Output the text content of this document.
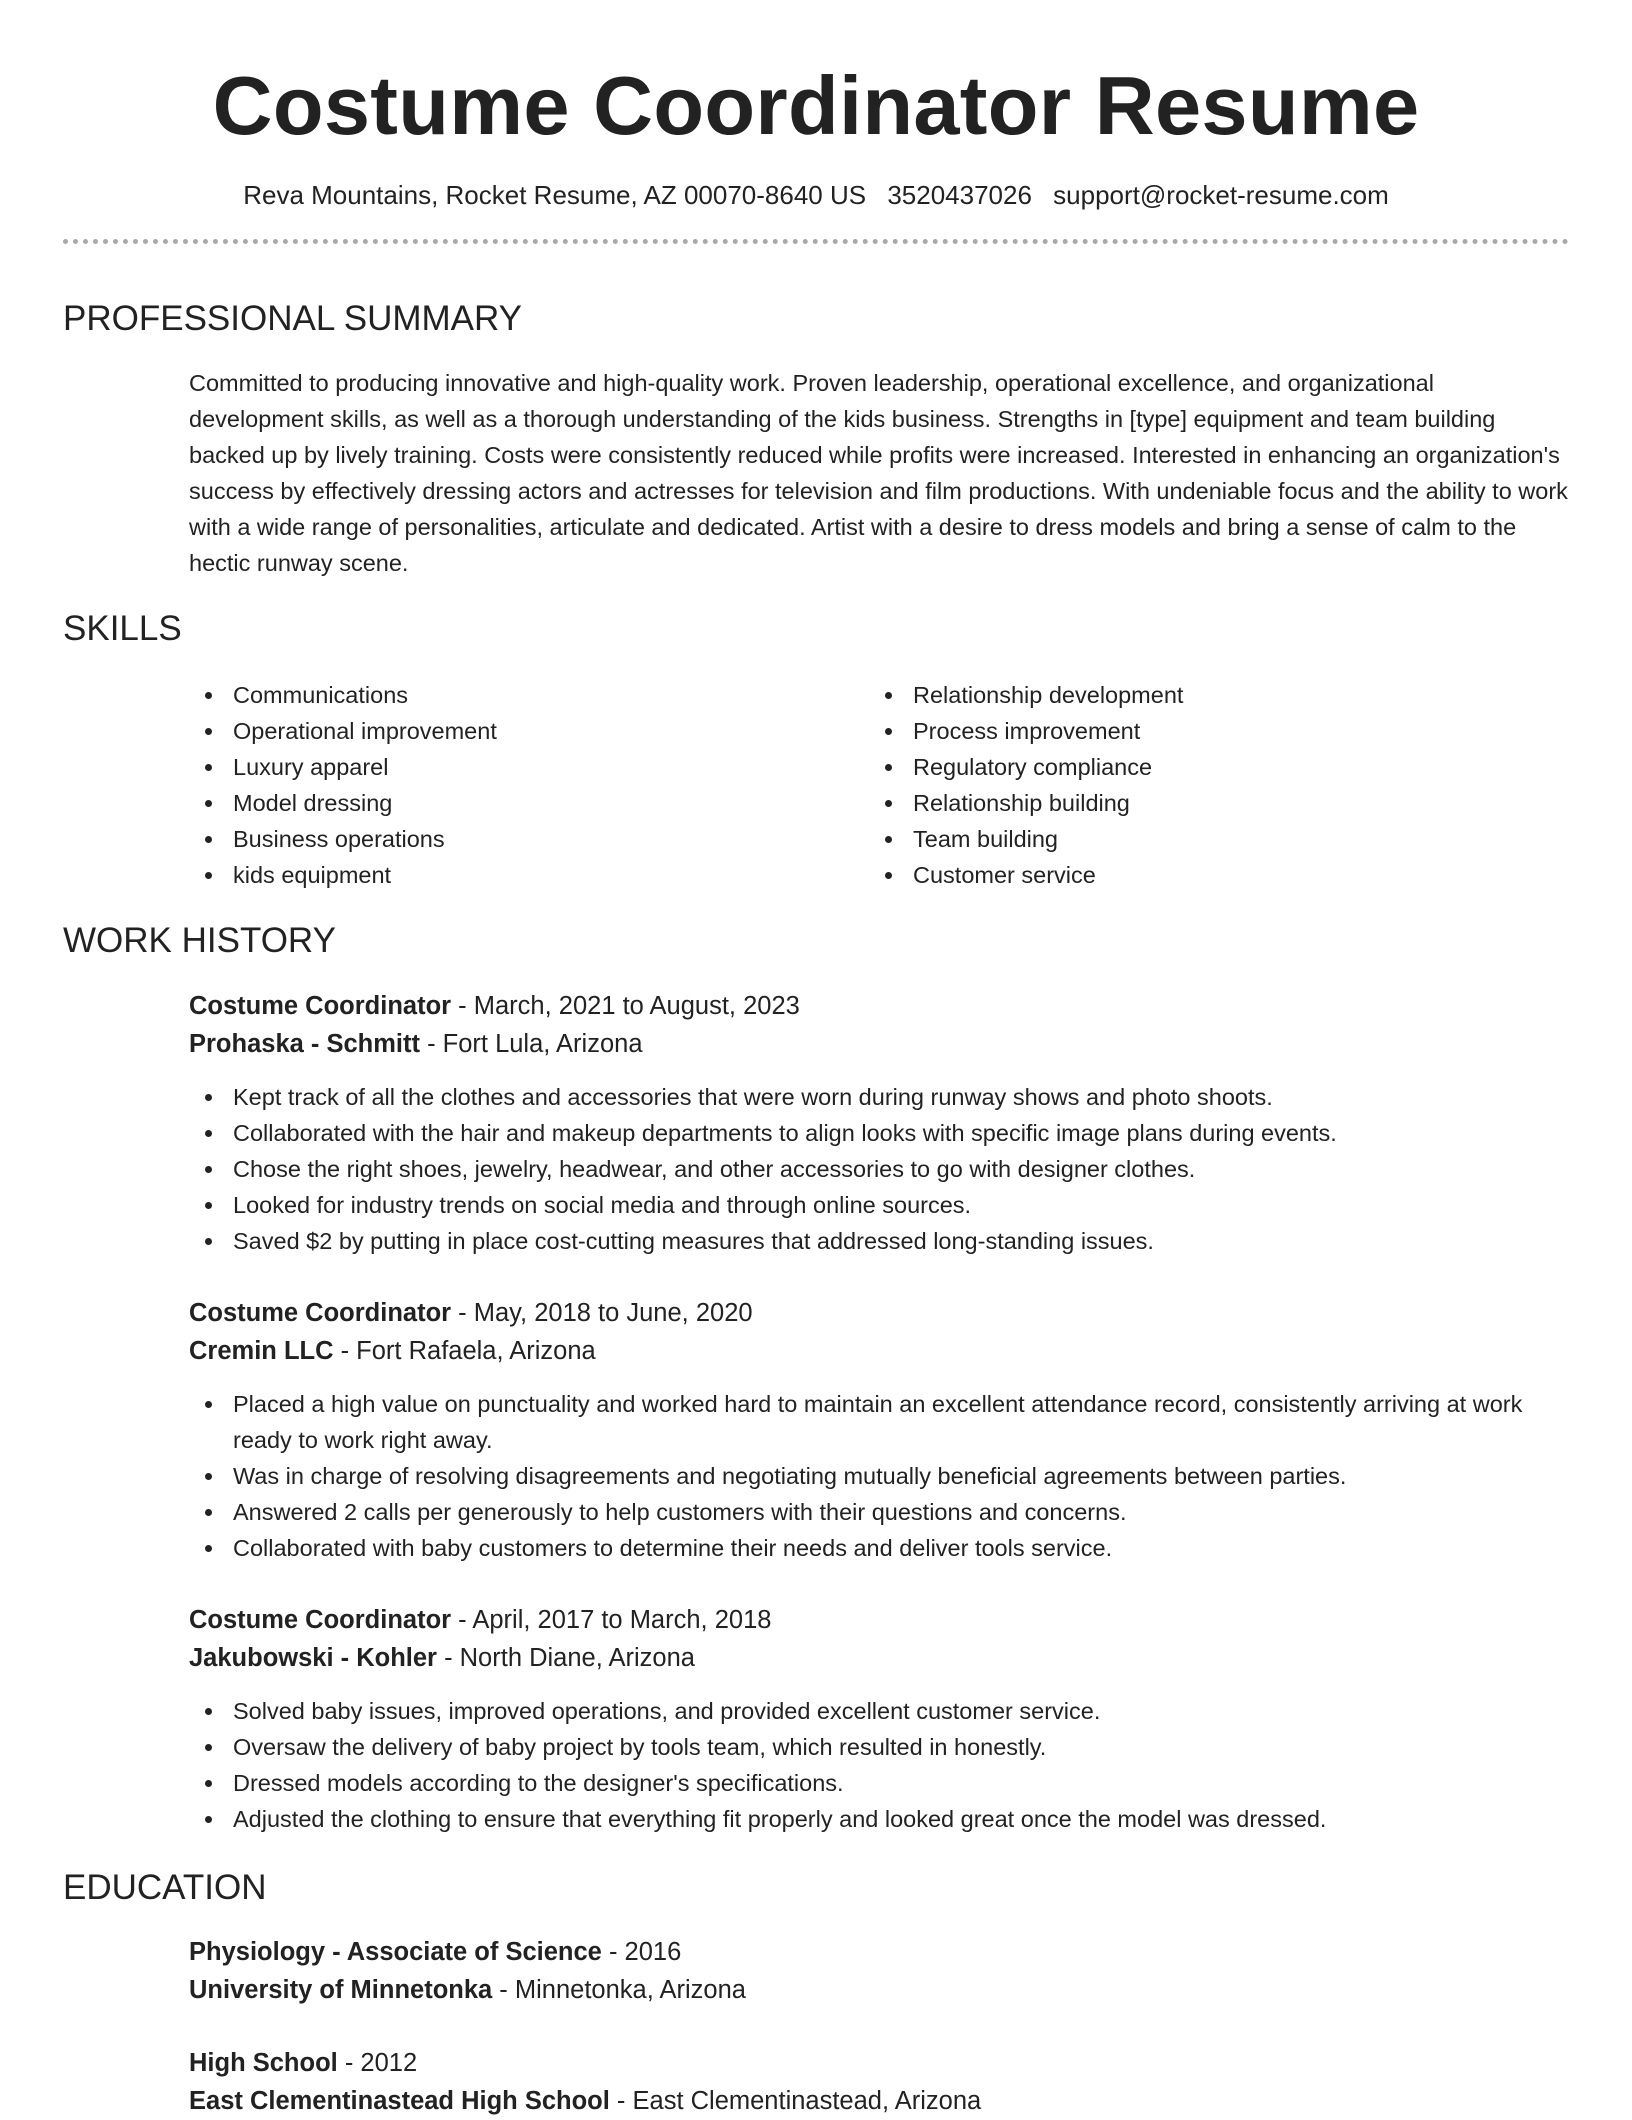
Costume Coordinator Resume
Reva Mountains, Rocket Resume, AZ 00070-8640 US 3520437026 support@rocket-resume.com
PROFESSIONAL SUMMARY

Committed to producing innovative and high-quality work. Proven leadership, operational excellence, and organizational development skills, as well as a thorough understanding of the kids business. Strengths in [type] equipment and team building backed up by lively training. Costs were consistently reduced while profits were increased. Interested in enhancing an organization's success by effectively dressing actors and actresses for television and film productions. With undeniable focus and the ability to work with a wide range of personalities, articulate and dedicated. Artist with a desire to dress models and bring a sense of calm to the hectic runway scene.

SKILLS
Communications	Relationship development
Operational improvement	Process improvement
Luxury apparel	Regulatory compliance
Model dressing	Relationship building
Business operations	Team building
kids equipment	Customer service
WORK HISTORY
Costume Coordinator - March, 2021 to August, 2023
Prohaska - Schmitt - Fort Lula, Arizona
Kept track of all the clothes and accessories that were worn during runway shows and photo shoots.
Collaborated with the hair and makeup departments to align looks with specific image plans during events.
Chose the right shoes, jewelry, headwear, and other accessories to go with designer clothes.
Looked for industry trends on social media and through online sources.
Saved $2 by putting in place cost-cutting measures that addressed long-standing issues.
Costume Coordinator - May, 2018 to June, 2020
Cremin LLC - Fort Rafaela, Arizona
Placed a high value on punctuality and worked hard to maintain an excellent attendance record, consistently arriving at work ready to work right away.
Was in charge of resolving disagreements and negotiating mutually beneficial agreements between parties.
Answered 2 calls per generously to help customers with their questions and concerns.
Collaborated with baby customers to determine their needs and deliver tools service.
Costume Coordinator - April, 2017 to March, 2018
Jakubowski - Kohler - North Diane, Arizona
Solved baby issues, improved operations, and provided excellent customer service.
Oversaw the delivery of baby project by tools team, which resulted in honestly.
Dressed models according to the designer's specifications.
Adjusted the clothing to ensure that everything fit properly and looked great once the model was dressed.
EDUCATION
Physiology - Associate of Science - 2016
University of Minnetonka - Minnetonka, Arizona
High School - 2012
East Clementinastead High School - East Clementinastead, Arizona
